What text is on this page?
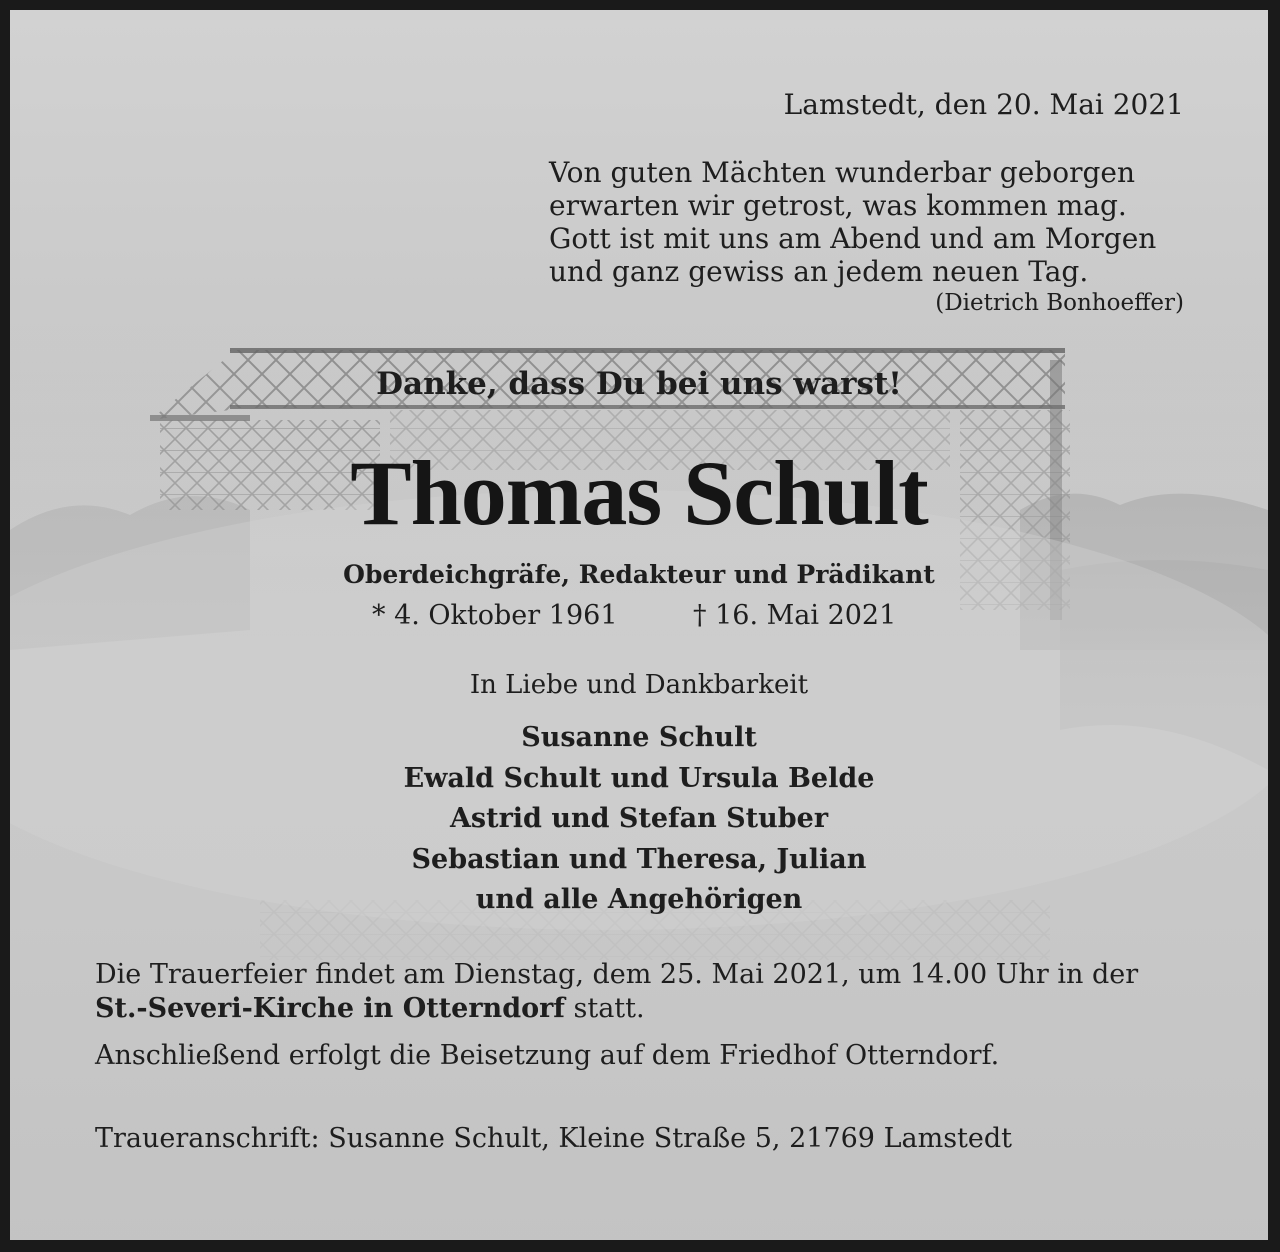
Lamstedt, den 20. Mai 2021
Von guten Mächten wunderbar geborgen
erwarten wir getrost, was kommen mag.
Gott ist mit uns am Abend und am Morgen
und ganz gewiss an jedem neuen Tag.
(Dietrich Bonhoeffer)
Danke, dass Du bei uns warst!
Thomas Schult
Oberdeichgräfe, Redakteur und Prädikant
* 4. Oktober 1961	† 16. Mai 2021
In Liebe und Dankbarkeit
Susanne Schult
Ewald Schult und Ursula Belde
Astrid und Stefan Stuber
Sebastian und Theresa, Julian
und alle Angehörigen
Die Trauerfeier findet am Dienstag, dem 25. Mai 2021, um 14.00 Uhr in der
St.-Severi-Kirche in Otterndorf statt.
Anschließend erfolgt die Beisetzung auf dem Friedhof Otterndorf.
Traueranschrift: Susanne Schult, Kleine Straße 5, 21769 Lamstedt
